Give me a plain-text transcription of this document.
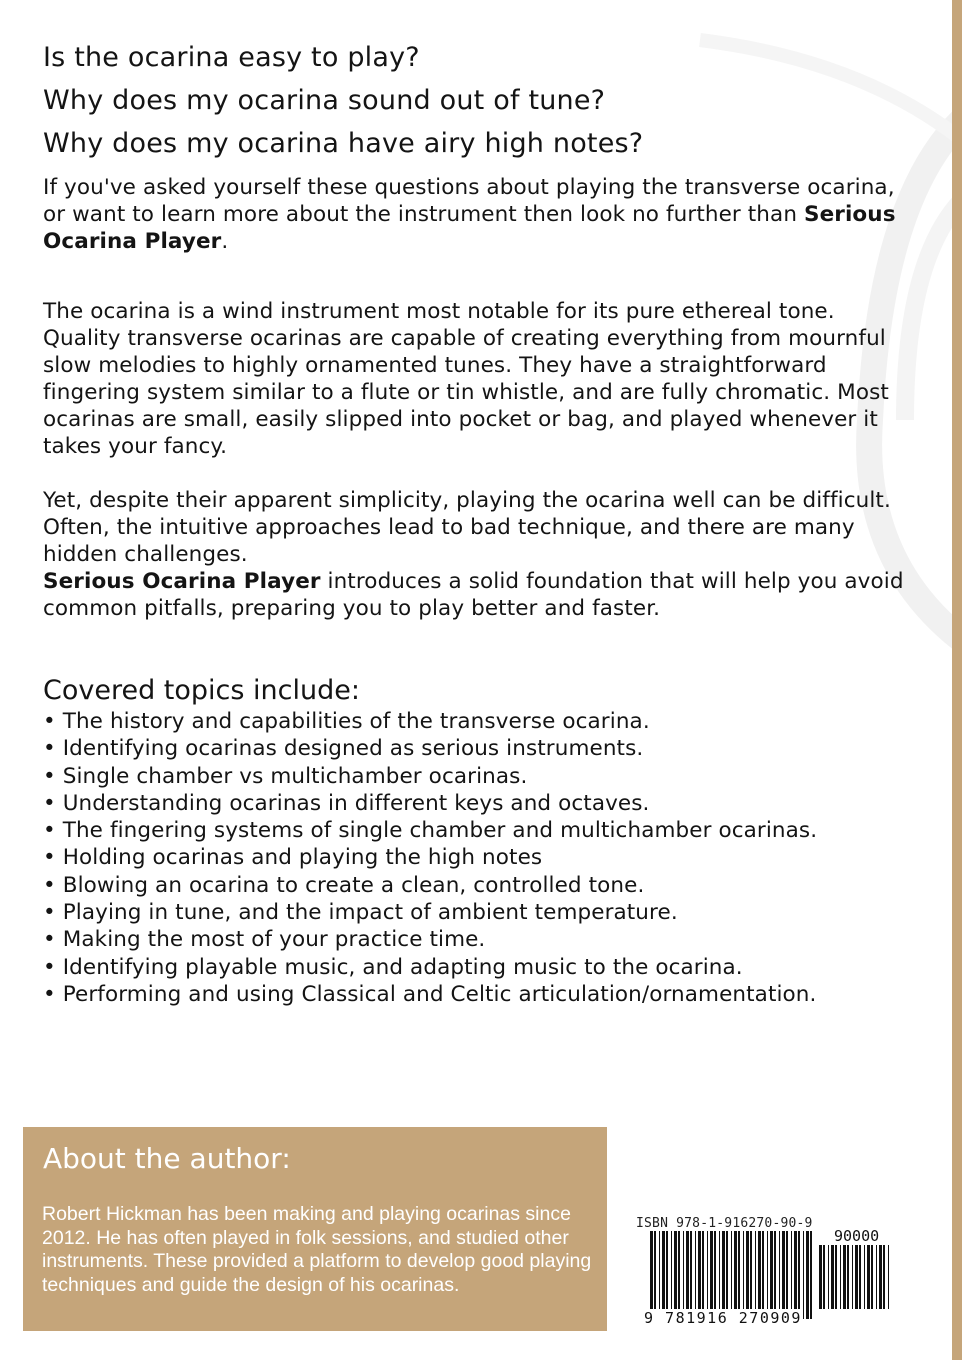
Is the ocarina easy to play?

Why does my ocarina sound out of tune?

Why does my ocarina have airy high notes?

If you've asked yourself these questions about playing the transverse ocarina, or want to learn more about the instrument then look no further than Serious Ocarina Player.

The ocarina is a wind instrument most notable for its pure ethereal tone. Quality transverse ocarinas are capable of creating everything from mournful slow melodies to highly ornamented tunes. They have a straightforward fingering system similar to a flute or tin whistle, and are fully chromatic. Most ocarinas are small, easily slipped into pocket or bag, and played whenever it takes your fancy.

Yet, despite their apparent simplicity, playing the ocarina well can be difficult. Often, the intuitive approaches lead to bad technique, and there are many hidden challenges.
Serious Ocarina Player introduces a solid foundation that will help you avoid common pitfalls, preparing you to play better and faster.

Covered topics include:
• The history and capabilities of the transverse ocarina.
• Identifying ocarinas designed as serious instruments.
• Single chamber vs multichamber ocarinas.
• Understanding ocarinas in different keys and octaves.
• The fingering systems of single chamber and multichamber ocarinas.
• Holding ocarinas and playing the high notes
• Blowing an ocarina to create a clean, controlled tone.
• Playing in tune, and the impact of ambient temperature.
• Making the most of your practice time.
• Identifying playable music, and adapting music to the ocarina.
• Performing and using Classical and Celtic articulation/ornamentation.
About the author:
Robert Hickman has been making and playing ocarinas since 2012. He has often played in folk sessions, and studied other instruments. These provided a platform to develop good playing techniques and guide the design of his ocarinas.
ISBN 978-1-916270-90-9
90000
9 781916 270909
